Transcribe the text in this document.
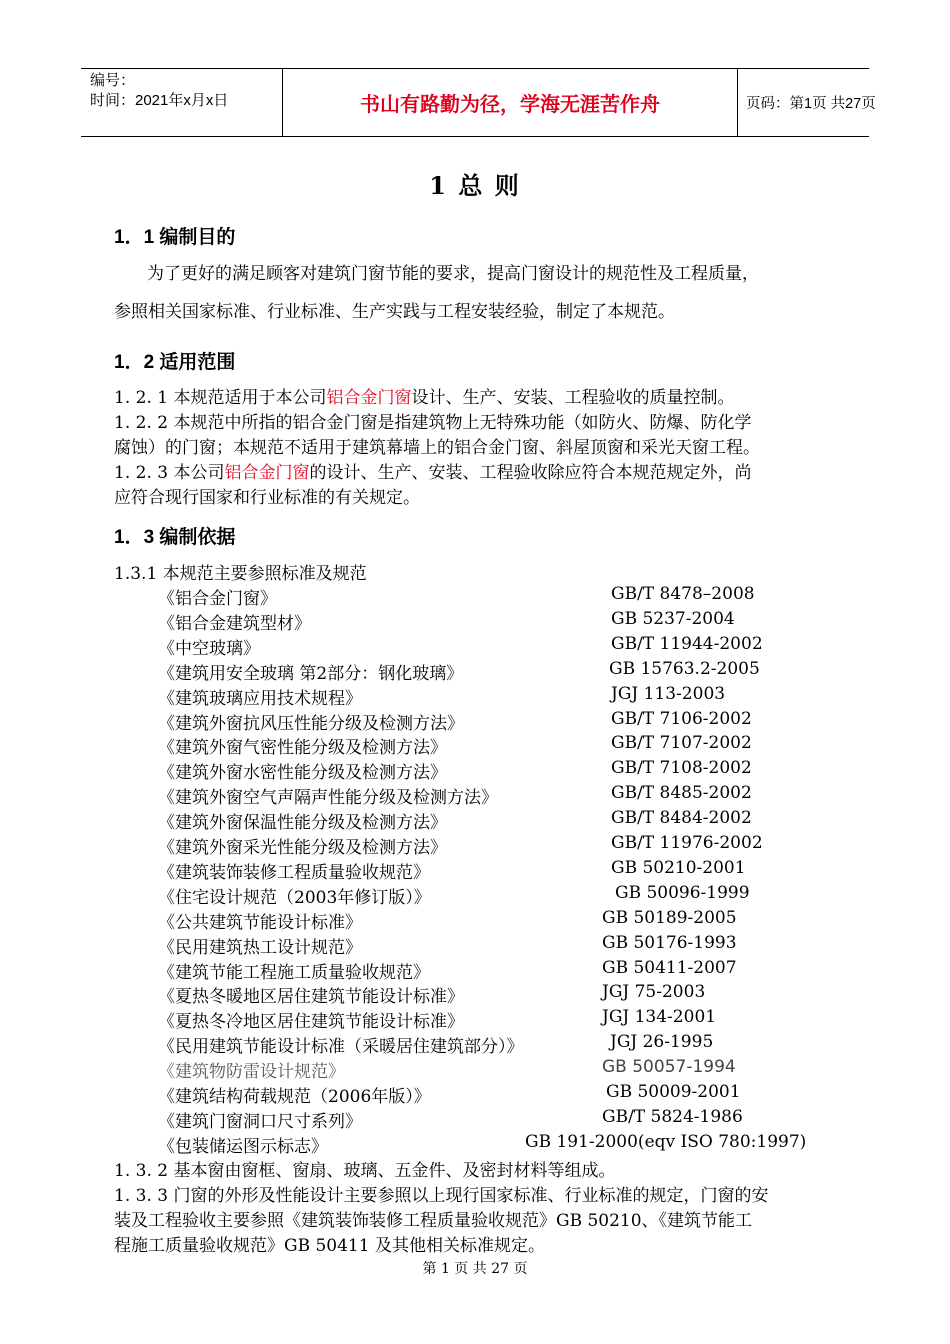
编号：
时间：2021年x月x日	书山有路勤为径，学海无涯苦作舟	页码：第1页 共27页
1 总 则
1．1 编制目的
为了更好的满足顾客对建筑门窗节能的要求，提高门窗设计的规范性及工程质量，
参照相关国家标准、行业标准、生产实践与工程安装经验，制定了本规范。
1．2 适用范围
1. 2. 1 本规范适用于本公司铝合金门窗设计、生产、安装、工程验收的质量控制。
1. 2. 2 本规范中所指的铝合金门窗是指建筑物上无特殊功能（如防火、防爆、防化学
腐蚀）的门窗；本规范不适用于建筑幕墙上的铝合金门窗、斜屋顶窗和采光天窗工程。
1. 2. 3 本公司铝合金门窗的设计、生产、安装、工程验收除应符合本规范规定外，尚
应符合现行国家和行业标准的有关规定。
1．3 编制依据
1.3.1 本规范主要参照标准及规范
《铝合金门窗》	GB/T 8478–2008
《铝合金建筑型材》	GB 5237-2004
《中空玻璃》	GB/T 11944-2002
《建筑用安全玻璃 第2部分：钢化玻璃》	GB 15763.2-2005
《建筑玻璃应用技术规程》	JGJ 113-2003
《建筑外窗抗风压性能分级及检测方法》	GB/T 7106-2002
《建筑外窗气密性能分级及检测方法》	GB/T 7107-2002
《建筑外窗水密性能分级及检测方法》	GB/T 7108-2002
《建筑外窗空气声隔声性能分级及检测方法》	GB/T 8485-2002
《建筑外窗保温性能分级及检测方法》	GB/T 8484-2002
《建筑外窗采光性能分级及检测方法》	GB/T 11976-2002
《建筑装饰装修工程质量验收规范》	GB 50210-2001
《住宅设计规范（2003年修订版）》	GB 50096-1999
《公共建筑节能设计标准》	GB 50189-2005
《民用建筑热工设计规范》	GB 50176-1993
《建筑节能工程施工质量验收规范》	GB 50411-2007
《夏热冬暖地区居住建筑节能设计标准》	JGJ 75-2003
《夏热冬冷地区居住建筑节能设计标准》	JGJ 134-2001
《民用建筑节能设计标准（采暖居住建筑部分）》	JGJ 26-1995
《建筑物防雷设计规范》	GB 50057-1994
《建筑结构荷载规范（2006年版）》	GB 50009-2001
《建筑门窗洞口尺寸系列》	GB/T 5824-1986
《包装储运图示标志》	GB 191-2000(eqv ISO 780:1997)
1. 3. 2 基本窗由窗框、窗扇、玻璃、五金件、及密封材料等组成。
1. 3. 3 门窗的外形及性能设计主要参照以上现行国家标准、行业标准的规定，门窗的安
装及工程验收主要参照《建筑装饰装修工程质量验收规范》GB 50210、《建筑节能工
程施工质量验收规范》GB 50411 及其他相关标准规定。
第 1 页 共 27 页
